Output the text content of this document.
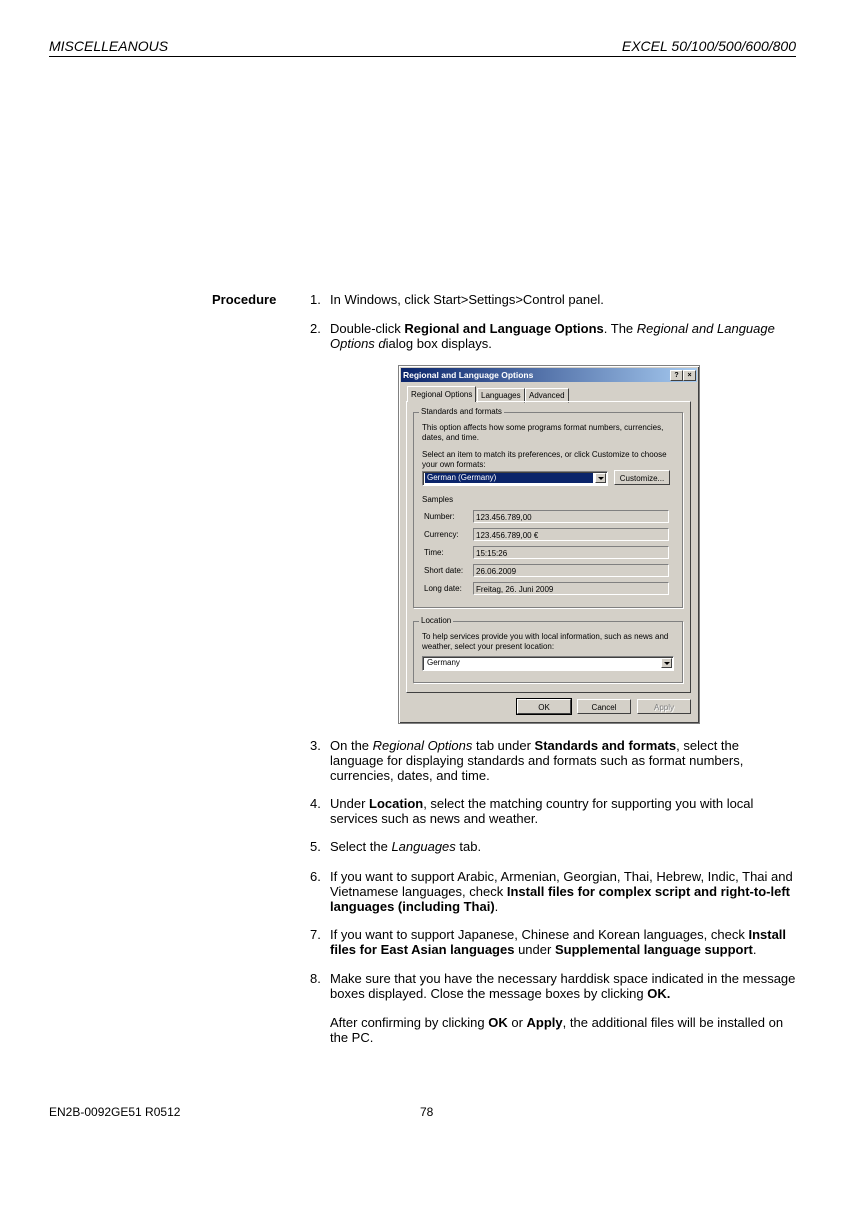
MISCELLEANOUS	EXCEL 50/100/500/600/800
Procedure	1. In Windows, click Start>Settings>Control panel.
2. Double-click Regional and Language Options. The Regional and Language Options dialog box displays.
Regional and Language Options	?	×
Regional Options	Languages	Advanced
Standards and formats
This option affects how some programs format numbers, currencies, dates, and time.
Select an item to match its preferences, or click Customize to choose your own formats:
German (Germany)	Customize...
Samples
Number:	123.456.789,00
Currency:	123.456.789,00 €
Time:	15:15:26
Short date:	26.06.2009
Long date:	Freitag, 26. Juni 2009
Location
To help services provide you with local information, such as news and weather, select your present location:
Germany
OK	Cancel	Apply
3. On the Regional Options tab under Standards and formats, select the language for displaying standards and formats such as format numbers, currencies, dates, and time.
4. Under Location, select the matching country for supporting you with local services such as news and weather.
5. Select the Languages tab.
6. If you want to support Arabic, Armenian, Georgian, Thai, Hebrew, Indic, Thai and Vietnamese languages, check Install files for complex script and right-to-left languages (including Thai).
7. If you want to support Japanese, Chinese and Korean languages, check Install files for East Asian languages under Supplemental language support.
8. Make sure that you have the necessary harddisk space indicated in the message boxes displayed. Close the message boxes by clicking OK.
After confirming by clicking OK or Apply, the additional files will be installed on the PC.
EN2B-0092GE51 R0512	78
